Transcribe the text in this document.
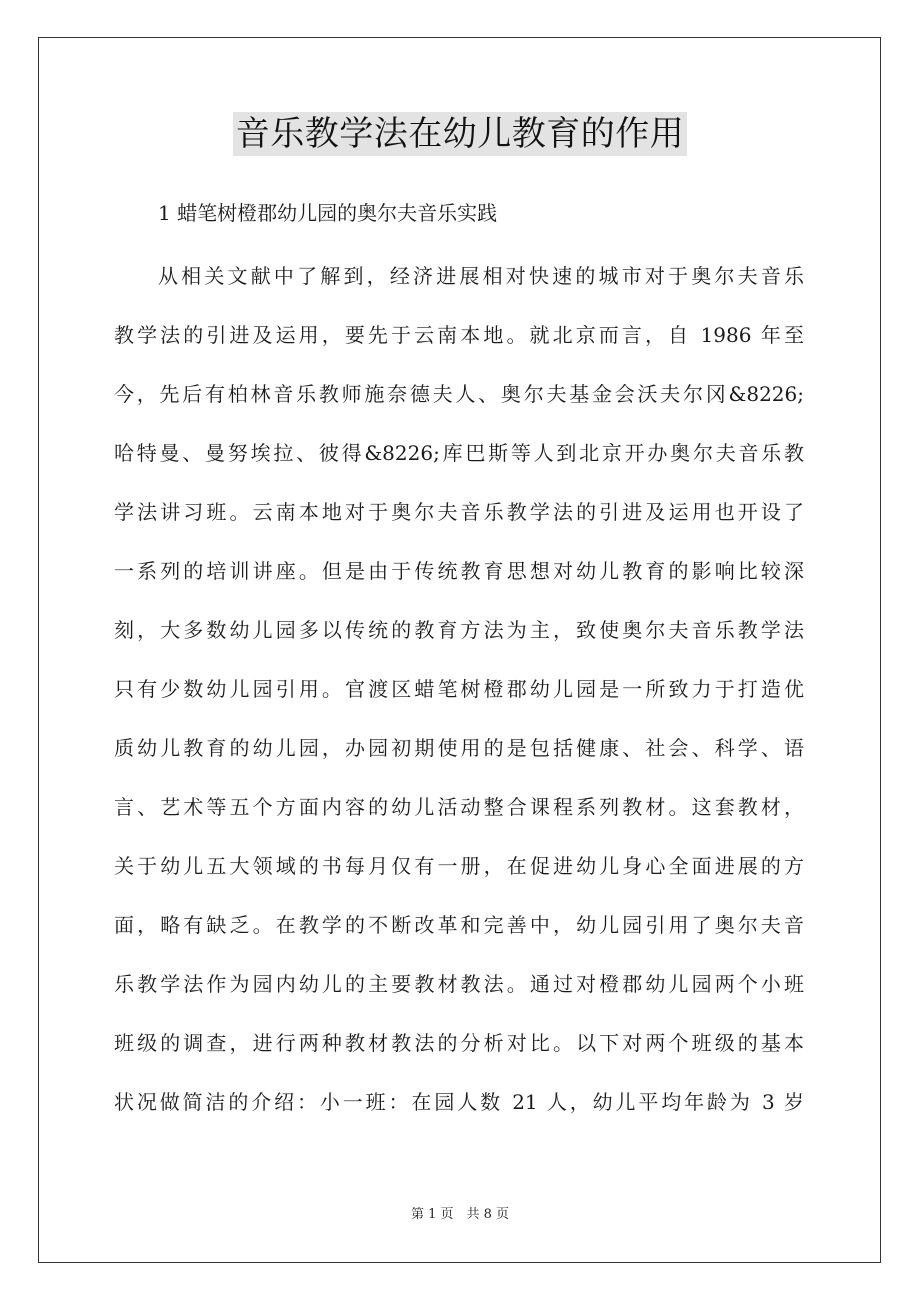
音乐教学法在幼儿教育的作用
1 蜡笔树橙郡幼儿园的奥尔夫音乐实践
从相关文献中了解到，经济进展相对快速的城市对于奥尔夫音乐
教学法的引进及运用，要先于云南本地。就北京而言，自 1986 年至
今，先后有柏林音乐教师施奈德夫人、奥尔夫基金会沃夫尔冈&8226;
哈特曼、曼努埃拉、彼得&8226;库巴斯等人到北京开办奥尔夫音乐教
学法讲习班。云南本地对于奥尔夫音乐教学法的引进及运用也开设了
一系列的培训讲座。但是由于传统教育思想对幼儿教育的影响比较深
刻，大多数幼儿园多以传统的教育方法为主，致使奥尔夫音乐教学法
只有少数幼儿园引用。官渡区蜡笔树橙郡幼儿园是一所致力于打造优
质幼儿教育的幼儿园，办园初期使用的是包括健康、社会、科学、语
言、艺术等五个方面内容的幼儿活动整合课程系列教材。这套教材，
关于幼儿五大领域的书每月仅有一册，在促进幼儿身心全面进展的方
面，略有缺乏。在教学的不断改革和完善中，幼儿园引用了奥尔夫音
乐教学法作为园内幼儿的主要教材教法。通过对橙郡幼儿园两个小班
班级的调查，进行两种教材教法的分析对比。以下对两个班级的基本
状况做简洁的介绍：小一班：在园人数 21 人，幼儿平均年龄为 3 岁
第 1 页　共 8 页
